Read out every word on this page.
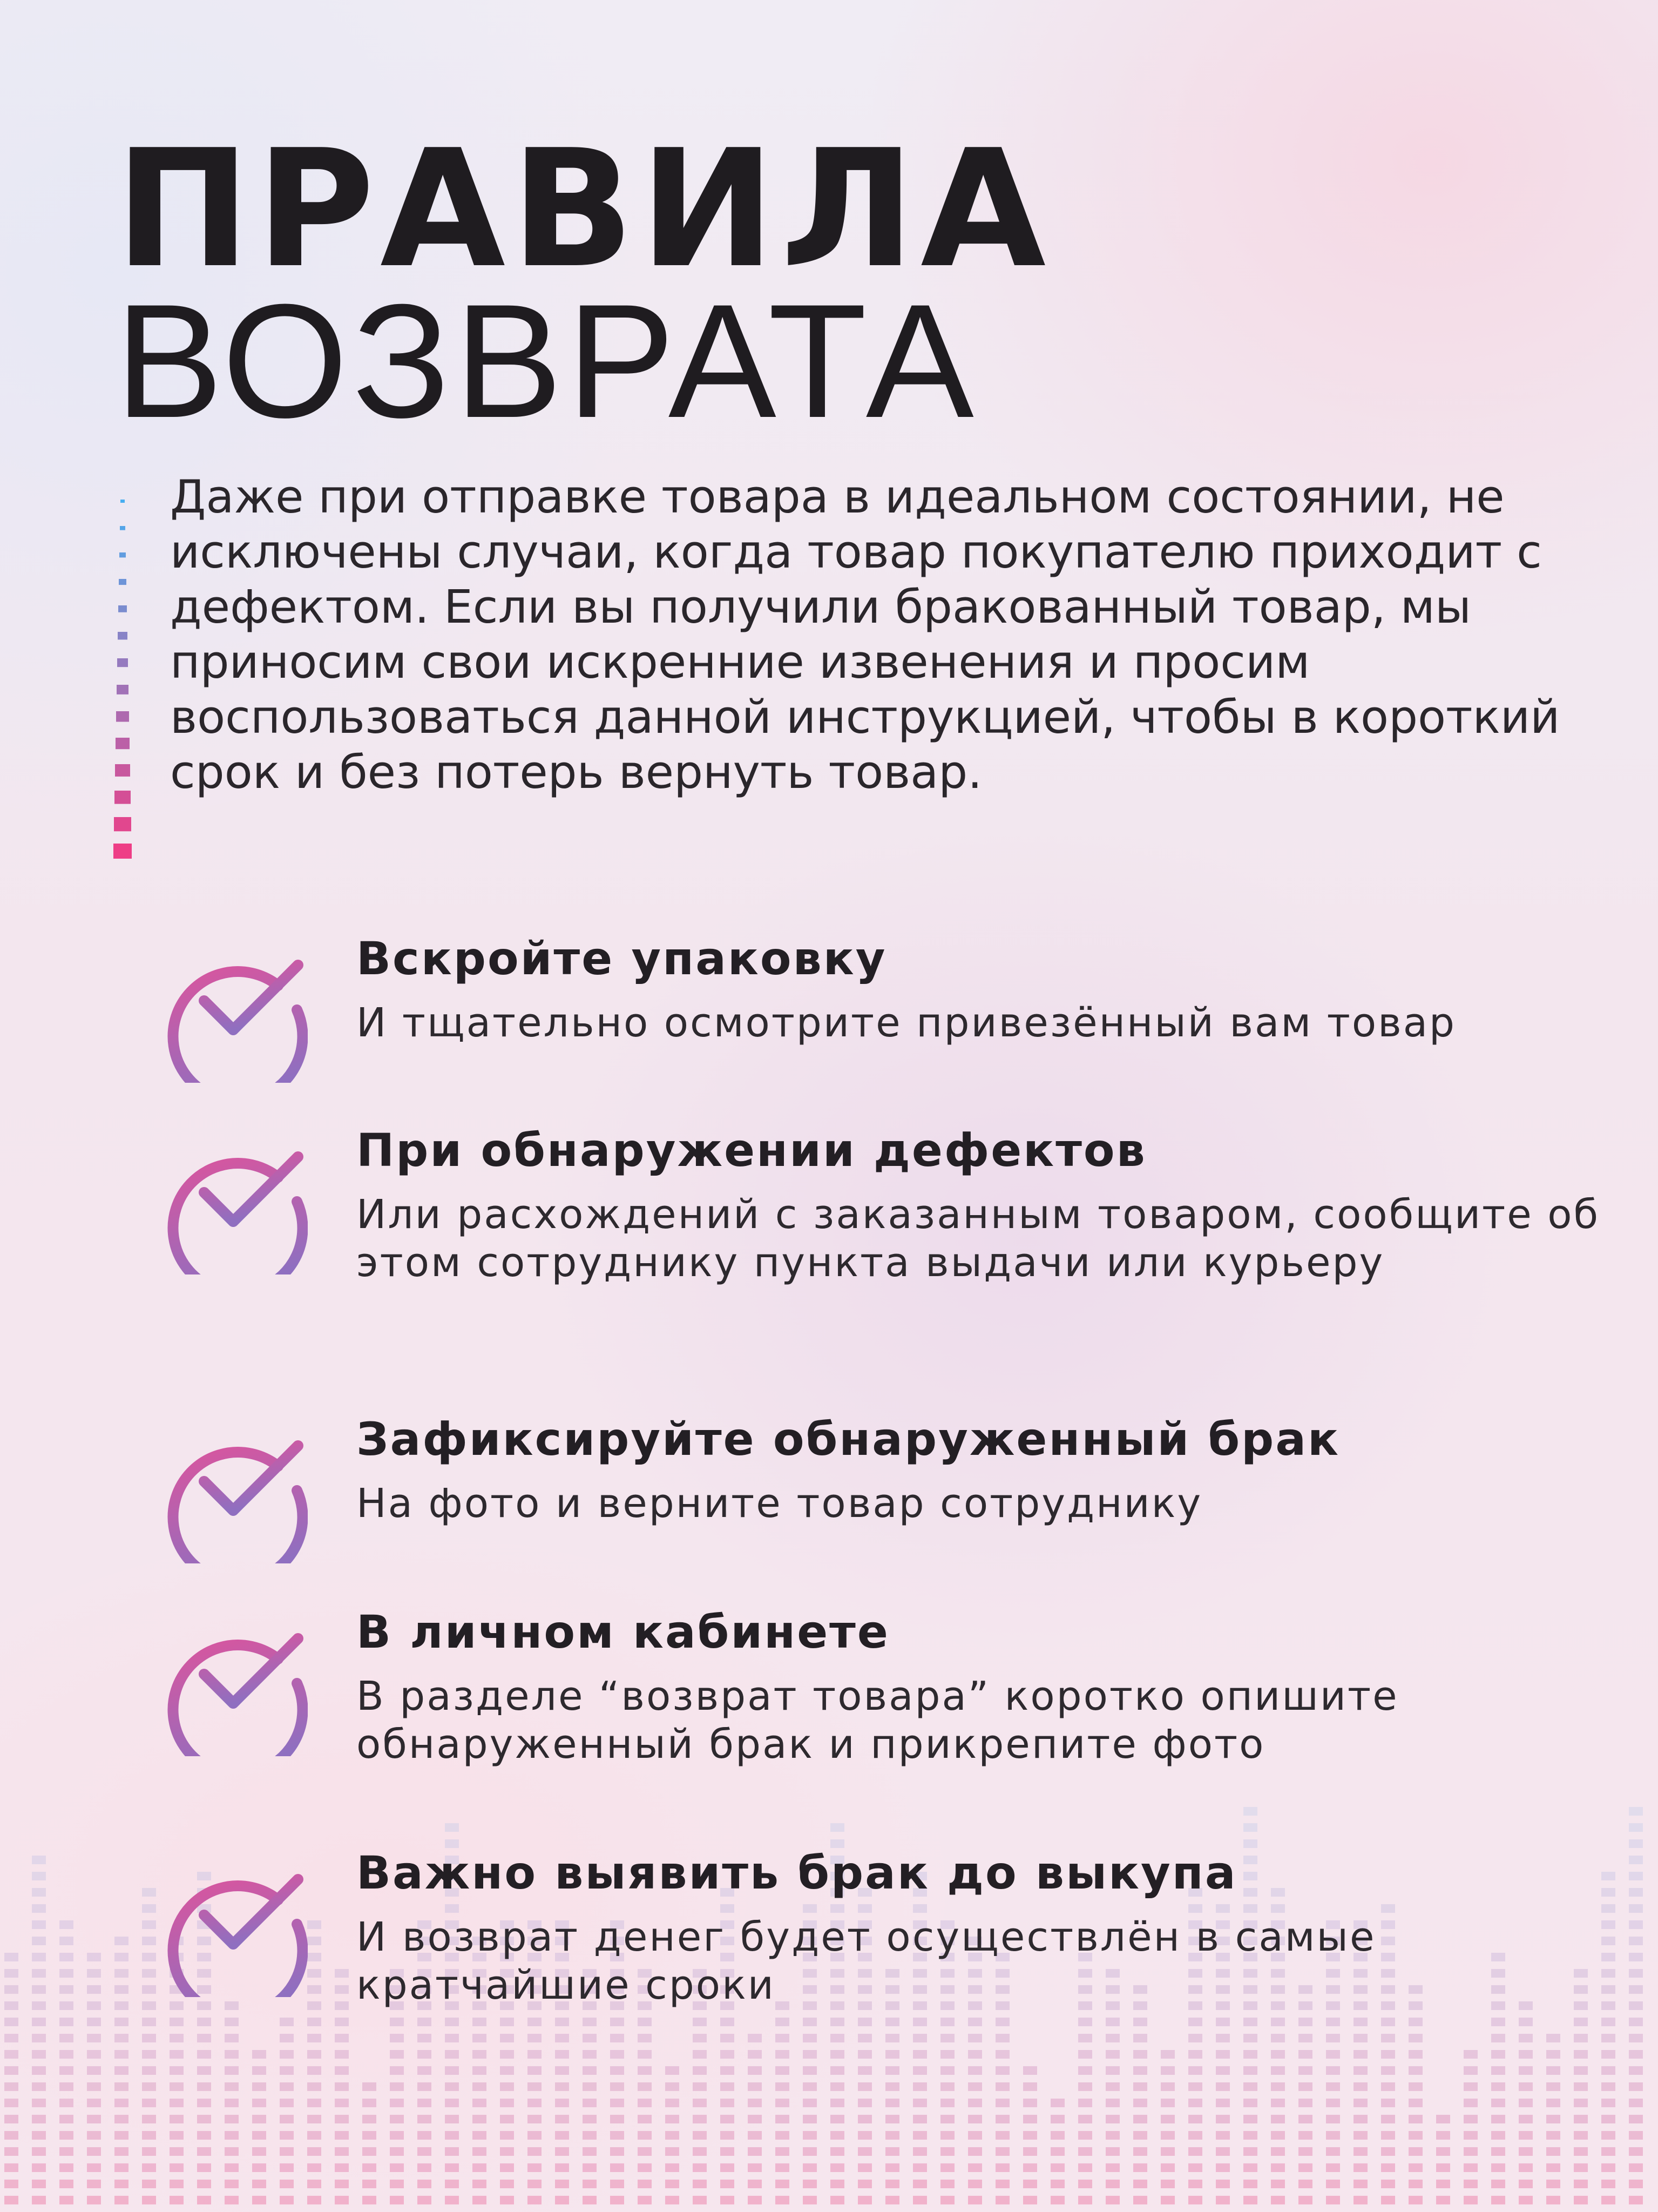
ПРАВИЛА
ВОЗВРАТА

Даже при отправке товара в идеальном состоянии, не исключены случаи, когда товар покупателю приходит с дефектом. Если вы получили бракованный товар, мы приносим свои искренние извенения и просим воспользоваться данной инструкцией, чтобы в короткий срок и без потерь вернуть товар.

Вскройте упаковку
И тщательно осмотрите привезённый вам товар
При обнаружении дефектов
Или расхождений с заказанным товаром, сообщите об этом сотруднику пункта выдачи или курьеру
Зафиксируйте обнаруженный брак
На фото и верните товар сотруднику
В личном кабинете
В разделе “возврат товара” коротко опишите обнаруженный брак и прикрепите фото
Важно выявить брак до выкупа
И возврат денег будет осуществлён в самые кратчайшие сроки
